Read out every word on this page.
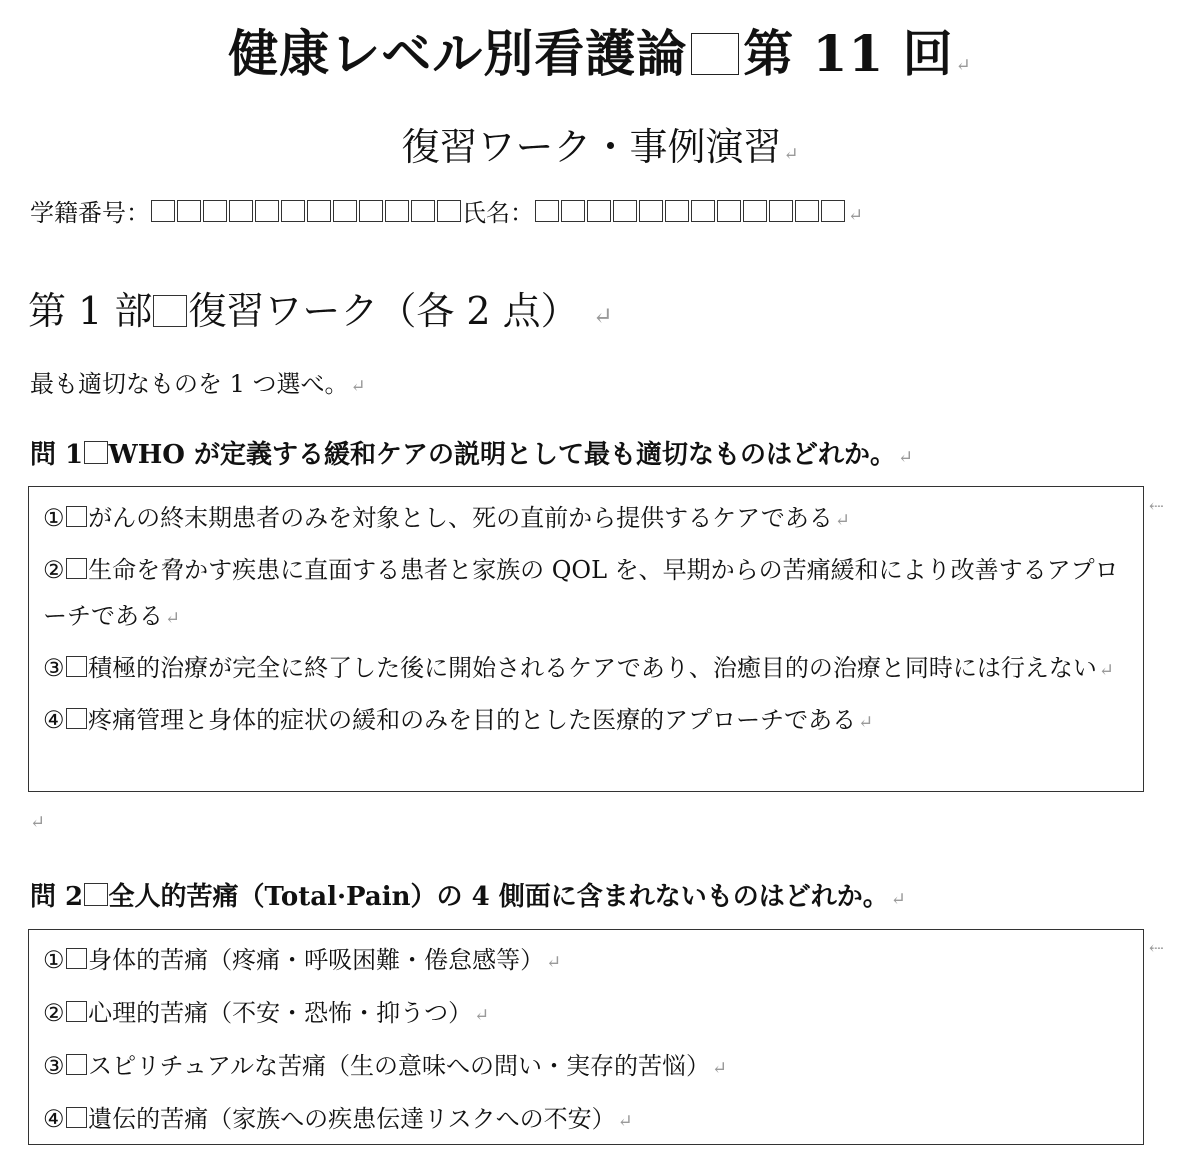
健康レベル別看護論 第 11 回 ↵
復習ワーク・事例演習 ↵
学籍番号：	氏名：	↵
第 1 部 復習ワーク（各 2 点） ↵
最も適切なものを 1 つ選べ。 ↵
問 1 WHO が定義する緩和ケアの説明として最も適切なものはどれか。 ↵
① がんの終末期患者のみを対象とし、死の直前から提供するケアである ↵
② 生命を脅かす疾患に直面する患者と家族の QOL を、早期からの苦痛緩和により改善するアプローチである ↵
③ 積極的治療が完全に終了した後に開始されるケアであり、治癒目的の治療と同時には行えない ↵
④ 疼痛管理と身体的症状の緩和のみを目的とした医療的アプローチである ↵
⇠
↵
問 2 全人的苦痛（Total·Pain）の 4 側面に含まれないものはどれか。 ↵
① 身体的苦痛（疼痛・呼吸困難・倦怠感等） ↵
② 心理的苦痛（不安・恐怖・抑うつ） ↵
③ スピリチュアルな苦痛（生の意味への問い・実存的苦悩） ↵
④ 遺伝的苦痛（家族への疾患伝達リスクへの不安） ↵
⇠
